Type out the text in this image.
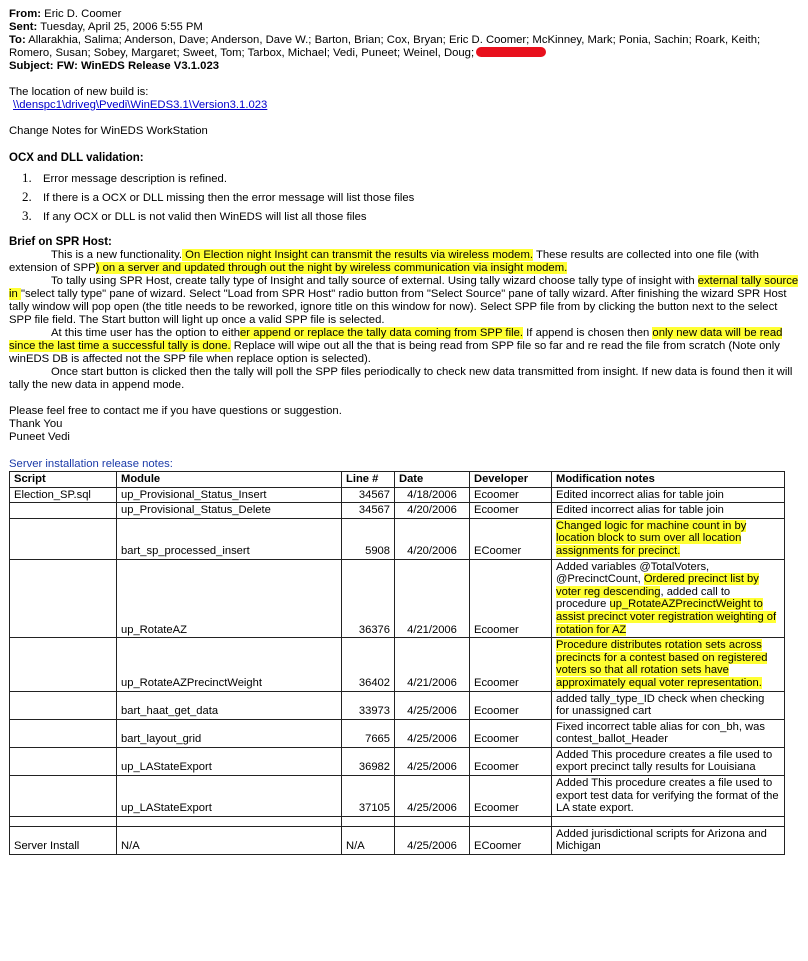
From: Eric D. Coomer

Sent: Tuesday, April 25, 2006 5:55 PM

To: Allarakhia, Salima; Anderson, Dave; Anderson, Dave W.; Barton, Brian; Cox, Bryan; Eric D. Coomer; McKinney, Mark; Ponia, Sachin; Roark, Keith; Romero, Susan; Sobey, Margaret; Sweet, Tom; Tarbox, Michael; Vedi, Puneet; Weinel, Doug;

Subject: FW: WinEDS Release V3.1.023

The location of new build is:

\\denspc1\driveg\Pvedi\WinEDS3.1\Version3.1.023

Change Notes for WinEDS WorkStation

OCX and DLL validation:

1. Error message description is refined.
2. If there is a OCX or DLL missing then the error message will list those files
3. If any OCX or DLL is not valid then WinEDS will list all those files

Brief on SPR Host:

This is a new functionality. On Election night Insight can transmit the results via wireless modem. These results are collected into one file (with extension of SPP) on a server and updated through out the night by wireless communication via insight modem.

To tally using SPR Host, create tally type of Insight and tally source of external. Using tally wizard choose tally type of insight with external tally source in "select tally type" pane of wizard. Select "Load from SPR Host" radio button from "Select Source" pane of tally wizard. After finishing the wizard SPR Host tally window will pop open (the title needs to be reworked, ignore title on this window for now). Select SPP file from by clicking the button next to the select SPP file field. The Start button will light up once a valid SPP file is selected.

At this time user has the option to either append or replace the tally data coming from SPP file. If append is chosen then only new data will be read since the last time a successful tally is done. Replace will wipe out all the that is being read from SPP file so far and re read the file from scratch (Note only winEDS DB is affected not the SPP file when replace option is selected).

Once start button is clicked then the tally will poll the SPP files periodically to check new data transmitted from insight. If new data is found then it will tally the new data in append mode.

Please feel free to contact me if you have questions or suggestion.

Thank You

Puneet Vedi

Server installation release notes:

Script	Module	Line #	Date	Developer	Modification notes
Election_SP.sql	up_Provisional_Status_Insert	34567	4/18/2006	Ecoomer	Edited incorrect alias for table join
	up_Provisional_Status_Delete	34567	4/20/2006	Ecoomer	Edited incorrect alias for table join
	bart_sp_processed_insert	5908	4/20/2006	ECoomer	Changed logic for machine count in by location block to sum over all location assignments for precinct.
	up_RotateAZ	36376	4/21/2006	Ecoomer	Added variables @TotalVoters, @PrecinctCount, Ordered precinct list by voter reg descending, added call to procedure up_RotateAZPrecinctWeight to assist precinct voter registration weighting of rotation for AZ
	up_RotateAZPrecinctWeight	36402	4/21/2006	Ecoomer	Procedure distributes rotation sets across precincts for a contest based on registered voters so that all rotation sets have approximately equal voter representation.
	bart_haat_get_data	33973	4/25/2006	Ecoomer	added tally_type_ID check when checking for unassigned cart
	bart_layout_grid	7665	4/25/2006	Ecoomer	Fixed incorrect table alias for con_bh, was contest_ballot_Header
	up_LAStateExport	36982	4/25/2006	Ecoomer	Added This procedure creates a file used to export precinct tally results for Louisiana
	up_LAStateExport	37105	4/25/2006	Ecoomer	Added This procedure creates a file used to export test data for verifying the format of the LA state export.

Server Install	N/A	N/A	4/25/2006	ECoomer	Added jurisdictional scripts for Arizona and Michigan
